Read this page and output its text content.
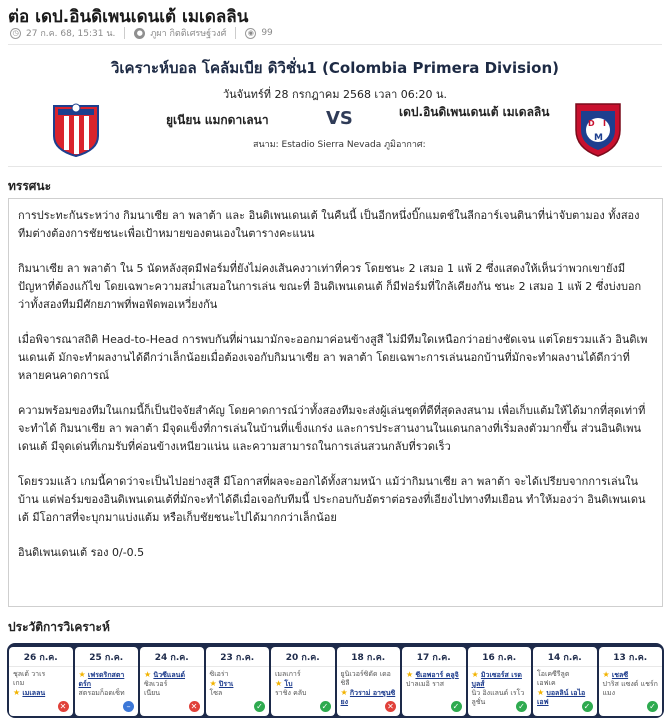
ต่อ เดป.อินดิเพนเดนเต้ เมเดลลิน
◷ 27 ก.ค. 68, 15:31 น.	● ภูผา กิตติเศรษฐ์วงศ์	◉ 99
วิเคราะห์บอล โคลัมเบีย ดิวิชั่น1 (Colombia Primera Division)
วันจันทร์ที่ 28 กรกฎาคม 2568 เวลา 06:20 น.
ยูเนียน แมกดาเลนา	VS	เดป.อินดิเพนเดนเต้ เมเดลลิน
D I
M
สนาม: Estadio Sierra Nevada ภูมิอากาศ:
ทรรศนะ

การประทะกันระหว่าง กิมนาเซีย ลา พลาต้า และ อินดิเพนเดนเต้ ในคืนนี้ เป็นอีกหนึ่งบิ๊กแมตช์ในลีกอาร์เจนตินาที่น่าจับตามอง ทั้งสองทีมต่างต้องการชัยชนะเพื่อเป้าหมายของตนเองในตารางคะแนน

กิมนาเซีย ลา พลาต้า ใน 5 นัดหลังสุดมีฟอร์มที่ยังไม่คงเส้นคงวาเท่าที่ควร โดยชนะ 2 เสมอ 1 แพ้ 2 ซึ่งแสดงให้เห็นว่าพวกเขายังมีปัญหาที่ต้องแก้ไข โดยเฉพาะความสม่ำเสมอในการเล่น ขณะที่ อินดิเพนเดนเต้ ก็มีฟอร์มที่ใกล้เคียงกัน ชนะ 2 เสมอ 1 แพ้ 2 ซึ่งบ่งบอกว่าทั้งสองทีมมีศักยภาพที่พอฟัดพอเหวี่ยงกัน

เมื่อพิจารณาสถิติ Head-to-Head การพบกันที่ผ่านมามักจะออกมาค่อนข้างสูสี ไม่มีทีมใดเหนือกว่าอย่างชัดเจน แต่โดยรวมแล้ว อินดิเพนเดนเต้ มักจะทำผลงานได้ดีกว่าเล็กน้อยเมื่อต้องเจอกับกิมนาเซีย ลา พลาต้า โดยเฉพาะการเล่นนอกบ้านที่มักจะทำผลงานได้ดีกว่าที่หลายคนคาดการณ์

ความพร้อมของทีมในเกมนี้ก็เป็นปัจจัยสำคัญ โดยคาดการณ์ว่าทั้งสองทีมจะส่งผู้เล่นชุดที่ดีที่สุดลงสนาม เพื่อเก็บแต้มให้ได้มากที่สุดเท่าที่จะทำได้ กิมนาเซีย ลา พลาต้า มีจุดแข็งที่การเล่นในบ้านที่แข็งแกร่ง และการประสานงานในแดนกลางที่เริ่มลงตัวมากขึ้น ส่วนอินดิเพนเดนเต้ มีจุดเด่นที่เกมรับที่ค่อนข้างเหนียวแน่น และความสามารถในการเล่นสวนกลับที่รวดเร็ว

โดยรวมแล้ว เกมนี้คาดว่าจะเป็นไปอย่างสูสี มีโอกาสที่ผลจะออกได้ทั้งสามหน้า แม้ว่ากิมนาเซีย ลา พลาต้า จะได้เปรียบจากการเล่นในบ้าน แต่ฟอร์มของอินดิเพนเดนเต้ที่มักจะทำได้ดีเมื่อเจอกับทีมนี้ ประกอบกับอัตราต่อรองที่เอียงไปทางทีมเยือน ทำให้มองว่า อินดิเพนเดนเต้ มีโอกาสที่จะบุกมาแบ่งแต้ม หรือเก็บชัยชนะไปได้มากกว่าเล็กน้อย

อินดิเพนเดนเต้ รอง 0/-0.5

ประวัติการวิเคราะห์
26 ก.ค.
ชุลเต้ วาเร
เกม
★ เมเลลน
✕
25 ก.ค.
★ เฟรดริกสตาดร์ก
สตรอมก็อดเซ็ท
–
24 ก.ค.
★ นิวซีแลนด์
ซิลเวอร์
เนียน
✕
23 ก.ค.
ซิเอร่า
★ ปิราเ
โซล
✓
20 ก.ค.
เมลเการ์
★ โบ
ราชิง คลับ
✓
18 ก.ค.
ยูนิเวอร์ซิดัด เดอ ชิลี
★ กิวราม่ อาซุนซิยง	✕
17 ก.ค.
★ ชีเอพอาร์ คลูจิ
ปาลเมอิ ราส
✓
16 ก.ค.
★ มิวเซอร์ส เรด บูลส์
นิว อิงแลนด์ เรโวลูชั่น	✓
14 ก.ค.
โอเคซีรีลูต
เอฟเค
★ บอลลิน์ เอไอเอฟ	✓
13 ก.ค.
★ เชลซี
ปาริส แซงต์ แชร์กแมง
✓
